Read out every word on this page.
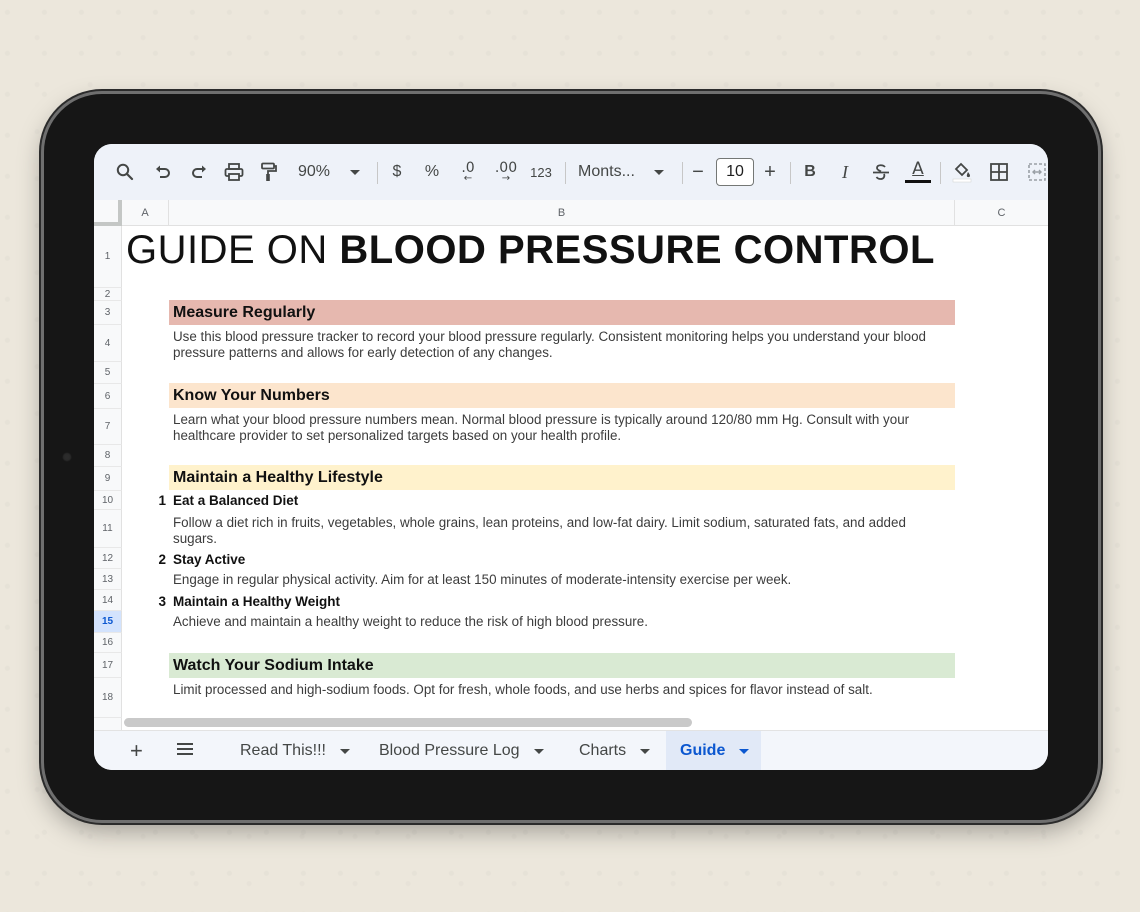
90%	$ % .0
←
.00
→ 123 Monts...	−	10	+ B	I	A
A	B	C
1
2
3
4
5
6
7
8
9
10
11
12
13
14
15
16
17
18
GUIDE ON BLOOD PRESSURE CONTROL
Measure Regularly
Use this blood pressure tracker to record your blood pressure regularly. Consistent monitoring helps you understand your blood pressure patterns and allows for early detection of any changes.
Know Your Numbers
Learn what your blood pressure numbers mean. Normal blood pressure is typically around 120/80 mm Hg. Consult with your healthcare provider to set personalized targets based on your health profile.
Maintain a Healthy Lifestyle
1 Eat a Balanced Diet
Follow a diet rich in fruits, vegetables, whole grains, lean proteins, and low-fat dairy. Limit sodium, saturated fats, and added sugars.
2 Stay Active
Engage in regular physical activity. Aim for at least 150 minutes of moderate-intensity exercise per week.
3 Maintain a Healthy Weight
Achieve and maintain a healthy weight to reduce the risk of high blood pressure.
Watch Your Sodium Intake
Limit processed and high-sodium foods. Opt for fresh, whole foods, and use herbs and spices for flavor instead of salt.
+	Read This!!!	Blood Pressure Log	Charts	Guide
